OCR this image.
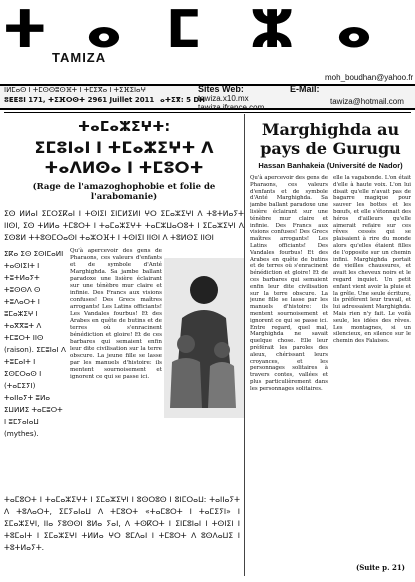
ⵜ ⴰ ⵎ ⵣ ⴰ
TAMIZA
ⵏⵍⵎⴰⵙ ⵏ ⵜⵎⵙⵙⵓⵙⴼⵜ ⵏ ⵜⵎⵉⴳⴰ ⵏ ⵜⵉⴼⵉⵏⴰⵖ
ⵓⵟⵟⵓⵏ 171, ⵜⵉⴼⵔⵙⵜ 2961 Juillet 2011 ⴰⵜⵉⴳ: 5 DH
Sites Web:
tawiza.x10.mx
tawiza.ifrance.com
E-Mail:
moh_boudhan@yahoo.fr
tawiza@hotmail.com
ⵜⴰⵎⴰⵣⵉⵖⵜ:
ⵉⵎⵓⵏⴰⵏ ⵏ ⵜⵎⴰⵣⵉⵖⵜ ⴷ ⵜⴰⴷⵍⵙⴰ ⵏ ⵜⵎⵓⵔⵜ
(Rage de l'amazoghophobie et folie de l'arabomanie)

ⵉⵙ ⵍⵍⴰⵏ ⵉⵎⵔⵉⴽⴰⵏ ⵏ ⵜⵙⵏⵉⵏ ⵉⵏⵎⵍⵉⵍⵏ ⵖⵔ ⵉⵎⴰⵣⵉⵖⵏ ⴷ ⵜⵓⵜⵍⴰⵢⵜ ⵏⵏⵙⵏ, ⵉⵙ ⵜⵍⵍⴰ ⵜⵎⵓⵔⵜ ⵏ ⵜⴰⵎⴰⵣⵉⵖⵜ ⵜⴰⵎⵣⵡⴰⵔⵓⵜ ⵏ ⵉⵎⴰⵣⵉⵖⵏ ⴷ ⵉⵙⵓⵍ ⵜⵜⵓⵙⵎⵔⴰⵙⵏ ⵜⴰⵣⵔⴼⵜ ⵏ ⵜⵙⵏⵉⵏ ⵏⵏⵙⵏ ⴷ ⵜⵓⵍⵙⵉ ⵏⵏⵙⵏ

ⵉⴽⴰ ⵉⵙ ⵉⵙⵏⵎⴰⵍⵏ ⵜⴰⵙⵏⵉⵏⵜ ⵏ ⵜⵓⵜⵍⴰⵢⵜ ⵜⵓⵙⵙⴷ ⵙ ⵜⵓⴷⴰⵔⵜ ⵏ ⵓⵎⴰⵣⵉⵖ ⵏ ⵜⴰⴳⴳⵓⵜ ⴷ ⵜⵎⵓⵔⵜ ⵏⵏⵙ (raison). ⵉⵎⵓⵏⴰⵏ ⴷ ⵜⵓⵎⴰⵏⵜ ⵏ ⵉⵙⵎⵔⴰⵙ ⵏ (ⵜⴰⵎⵉⵢⵏ) ⵜⴰⵏⵏⴰⵢⵜ ⵓⵍⴰ ⵉⵡⵍⵍⵉ ⵜⴰⵎⵓⵔⵜ ⵏ ⵓⵎⵢⴰⵏⴰⵡ (mythes).
Qu'à apercevoir des gens de Pharaons, ces valeurs d'enfants et de symbole d'Anté Marghighda. Sa jambe ballant paradoxe une lisière éclairant sur une ténèbre mur claire et infinie. Des Francs aux visions confuses! Des Grecs maîtres arrogants! Les Latins officiants! Les Vandales fourbus! Et des Arabes en quête de butins et de terres où s'enracinent bénédiction et gloire! Et de ces barbares qui semaient enfin leur dite civilisation sur la terre obscure. La jeune fille se lasse par les manuels d'histoire: ils mentent sournoisement et ignorent ce qui se passe ici.

ⵜⴰⵎⵓⵔⵜ ⵏ ⵜⴰⵎⴰⵣⵉⵖⵜ ⵏ ⵉⵎⴰⵣⵉⵖⵏ ⵏ ⵓⵙⵔⵓⵙ ⵏ ⵓⵏⵎⵔⴰⵡ: ⵜⴰⵏⵏⴰⵢⵜ ⴷ ⵜⵓⴷⴰⵔⵜ, ⵉⵎⵢⴰⵏⴰⵡ ⴷ ⵜⵎⵓⵔⵜ «ⵜⴰⵎⵓⵔⵜ ⵏ ⵜⴰⵎⵉⵢⵏ» ⵏ ⵉⵎⴰⵣⵉⵖⵏ, ⵏⵏⴰ ⵢⵓⵙⵙⵏ ⵓⵍⴰ ⵢⴰⵏ, ⴷ ⵜⵙⴽⵔⵜ ⵏ ⵉⵏⵎⵓⵏⴰⵏ ⵏ ⵜⵙⵏⵉⵏ ⵏ ⵜⵓⵎⴰⵏⵜ ⵏ ⵉⵎⴰⵣⵉⵖⵏ ⵜⵍⵍⴰ ⵖⵔ ⵓⵎⴷⴰⵏ ⵏ ⵜⵎⵓⵔⵜ ⴷ ⵓⵙⴷⴰⵡⵉ ⵏ ⵜⵓⵜⵍⴰⵢⵜ.

Marghighda au pays de Gurugu
Hassan Banhakeia (Université de Nador)
Qu'à apercevoir des gens de Pharaons, ces valeurs d'enfants et de symbole d'Anté Marghighda. Sa jambe ballant paradoxe une lisière éclairant sur une ténèbre mur claire et infinie. Des Francs aux visions confuses! Des Grecs maîtres arrogants! Les Latins officiants! Des Vandales fourbus! Et des Arabes en quête de butins et de terres où s'enracinent bénédiction et gloire! Et de ces barbares qui semaient enfin leur dite civilisation sur la terre obscure. La jeune fille se lasse par les manuels d'histoire: ils mentent sournoisement et ignorent ce qui se passe ici. Entre regard, quel mal, Marghighda ne savait quelque chose. Elle leur préférait les paroles des aïeux, chérissant leurs croyances, et les personnages solitaires à travers contes, vallées et plus particulièrement dans les personnages solitaires.
elle la vagabonde. L'on était d'elle à haute voix. L'on lui disait qu'elle n'avait pas de bagarre magique pour sauver les bottes et les bœufs, et elle s'étonnait des héros d'ailleurs qu'elle aimerait refaire sur ces rêves cessés qui se plaisaient à rire du monde alors qu'elles étaient filles de l'opposite sur un chemin infini. Marghighda portait de vieilles chaussures, et avait les cheveux noirs et le regard inquiet. Un petit enfant vient avoir la pluie et la grêle. Une seule écriture, ils préfèrent leur travail, et lui adressaient Marghighda. Mais rien n'y fait. Le voilà seule, les idées des rêves. Les montagnes, si un silencieux, en silence sur le chemin des Falaises.
(Suite p. 21)
